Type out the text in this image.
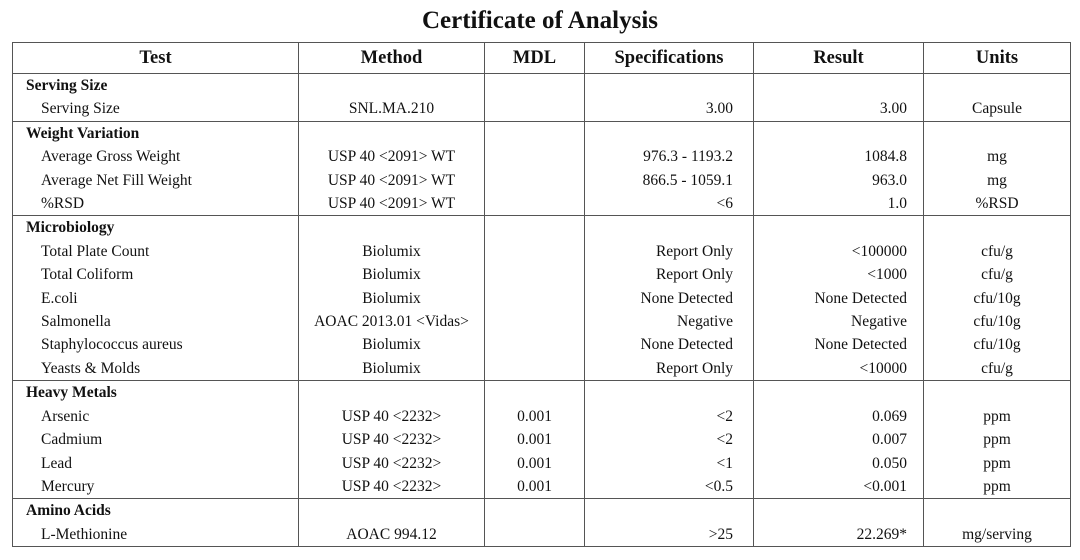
Certificate of Analysis
Test	Method	MDL	Specifications	Result	Units
Serving Size					
Serving Size	SNL.MA.210		3.00	3.00	Capsule
Weight Variation					
Average Gross Weight	USP 40 <2091> WT		976.3 - 1193.2	1084.8	mg
Average Net Fill Weight	USP 40 <2091> WT		866.5 - 1059.1	963.0	mg
%RSD	USP 40 <2091> WT		<6	1.0	%RSD
Microbiology					
Total Plate Count	Biolumix		Report Only	<100000	cfu/g
Total Coliform	Biolumix		Report Only	<1000	cfu/g
E.coli	Biolumix		None Detected	None Detected	cfu/10g
Salmonella	AOAC 2013.01 <Vidas>		Negative	Negative	cfu/10g
Staphylococcus aureus	Biolumix		None Detected	None Detected	cfu/10g
Yeasts & Molds	Biolumix		Report Only	<10000	cfu/g
Heavy Metals					
Arsenic	USP 40 <2232>	0.001	<2	0.069	ppm
Cadmium	USP 40 <2232>	0.001	<2	0.007	ppm
Lead	USP 40 <2232>	0.001	<1	0.050	ppm
Mercury	USP 40 <2232>	0.001	<0.5	<0.001	ppm
Amino Acids					
L-Methionine	AOAC 994.12		>25	22.269*	mg/serving
